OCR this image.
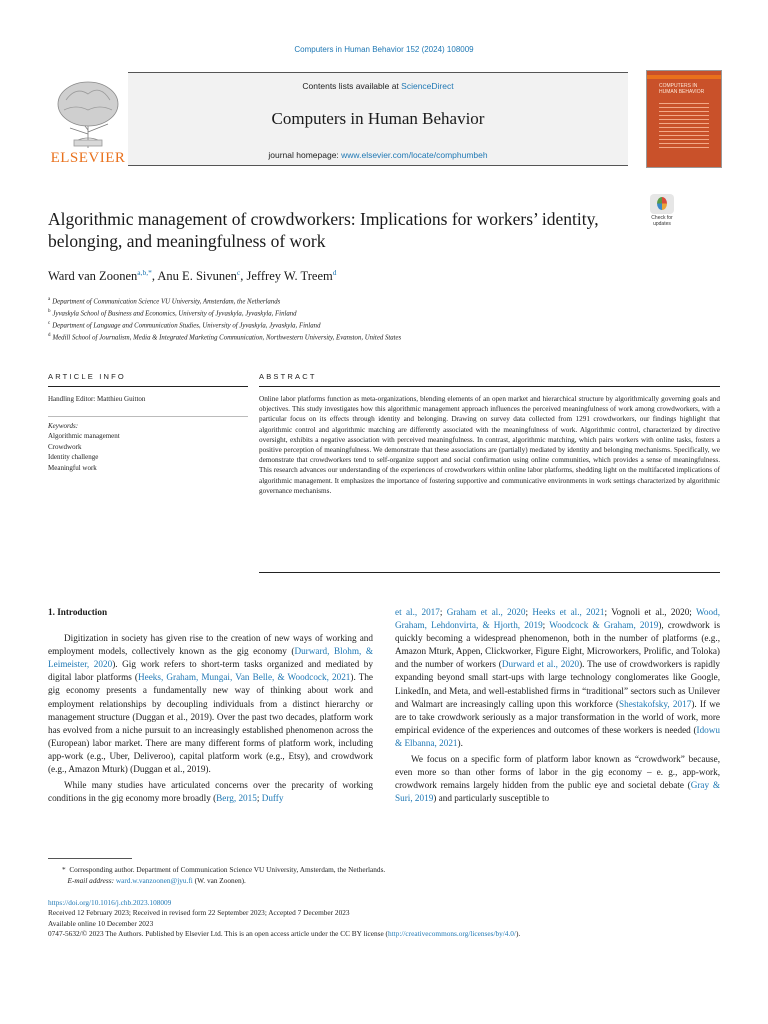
Computers in Human Behavior 152 (2024) 108009
ELSEVIER
Contents lists available at ScienceDirect
Computers in Human Behavior
journal homepage: www.elsevier.com/locate/comphumbeh
COMPUTERS IN HUMAN BEHAVIOR
Algorithmic management of crowdworkers: Implications for workers’ identity, belonging, and meaningfulness of work
Check for
updates
Ward van Zoonen$^{a,b,*}$, Anu E. Sivunen$^c$, Jeffrey W. Treem$^d$
$^a$ Department of Communication Science VU University, Amsterdam, the Netherlands
$^b$ Jyvaskyla School of Business and Economics, University of Jyvaskyla, Jyvaskyla, Finland
$^c$ Department of Language and Communication Studies, University of Jyvaskyla, Jyvaskyla, Finland
$^d$ Medill School of Journalism, Media & Integrated Marketing Communication, Northwestern University, Evanston, United States
ARTICLE INFO	ABSTRACT
Handling Editor: Matthieu Guitton
Keywords:
Algorithmic management
Crowdwork
Identity challenge
Meaningful work
Online labor platforms function as meta-organizations, blending elements of an open market and hierarchical structure by algorithmically governing goals and objectives. This study investigates how this algorithmic management approach influences the perceived meaningfulness of work among crowdworkers, with a particular focus on its effects through identity and belonging. Drawing on survey data collected from 1291 crowdworkers, our findings highlight that algorithmic control and algorithmic matching are differently associated with the meaningfulness of work. Algorithmic control, characterized by directive oversight, exhibits a negative association with perceived meaningfulness. In contrast, algorithmic matching, which pairs workers with online tasks, fosters a positive perception of meaningfulness. We demonstrate that these associations are (partially) mediated by identity and belonging mechanisms. Specifically, we demonstrate that crowdworkers tend to self-organize support and social confirmation using online communities, which provides a sense of meaningfulness. This research advances our understanding of the experiences of crowdworkers within online labor platforms, shedding light on the multifaceted implications of algorithmic management. It emphasizes the importance of fostering supportive and communicative environments in work settings characterized by algorithmic governance mechanisms.
1. Introduction

Digitization in society has given rise to the creation of new ways of working and employment models, collectively known as the gig economy (Durward, Blohm, & Leimeister, 2020). Gig work refers to short-term tasks organized and mediated by digital labor platforms (Heeks, Graham, Mungai, Van Belle, & Woodcock, 2021). The gig economy presents a fundamentally new way of thinking about work and employment relationships by decoupling individuals from a distinct hierarchy or management structure (Duggan et al., 2019). Over the past two decades, platform work has evolved from a niche pursuit to an increasingly established phenomenon across the (European) labor market. There are many different forms of platform work, including app-work (e.g., Uber, Deliveroo), capital platform work (e.g., Etsy), and crowdwork (e.g., Amazon Mturk) (Duggan et al., 2019).

While many studies have articulated concerns over the precarity of working conditions in the gig economy more broadly (Berg, 2015; Duffy

et al., 2017; Graham et al., 2020; Heeks et al., 2021; Vognoli et al., 2020; Wood, Graham, Lehdonvirta, & Hjorth, 2019; Woodcock & Graham, 2019), crowdwork is quickly becoming a widespread phenomenon, both in the number of platforms (e.g., Amazon Mturk, Appen, Clickworker, Figure Eight, Microworkers, Prolific, and Toloka) and the number of workers (Durward et al., 2020). The use of crowdworkers is rapidly expanding beyond small start-ups with large technology conglomerates like Google, LinkedIn, and Meta, and well-established firms in “traditional” sectors such as Unilever and Walmart are increasingly calling upon this workforce (Shestakofsky, 2017). If we are to take crowdwork seriously as a major transformation in the world of work, more empirical evidence of the experiences and outcomes of these workers is needed (Idowu & Elbanna, 2021).

We focus on a specific form of platform labor known as “crowdwork” because, even more so than other forms of labor in the gig economy – e. g., app-work, crowdwork remains largely hidden from the public eye and societal debate (Gray & Suri, 2019) and particularly susceptible to

* Corresponding author. Department of Communication Science VU University, Amsterdam, the Netherlands.
E-mail address: ward.w.vanzoonen@jyu.fi (W. van Zoonen).
https://doi.org/10.1016/j.chb.2023.108009
Received 12 February 2023; Received in revised form 22 September 2023; Accepted 7 December 2023
Available online 10 December 2023
0747-5632/© 2023 The Authors. Published by Elsevier Ltd. This is an open access article under the CC BY license (http://creativecommons.org/licenses/by/4.0/).
